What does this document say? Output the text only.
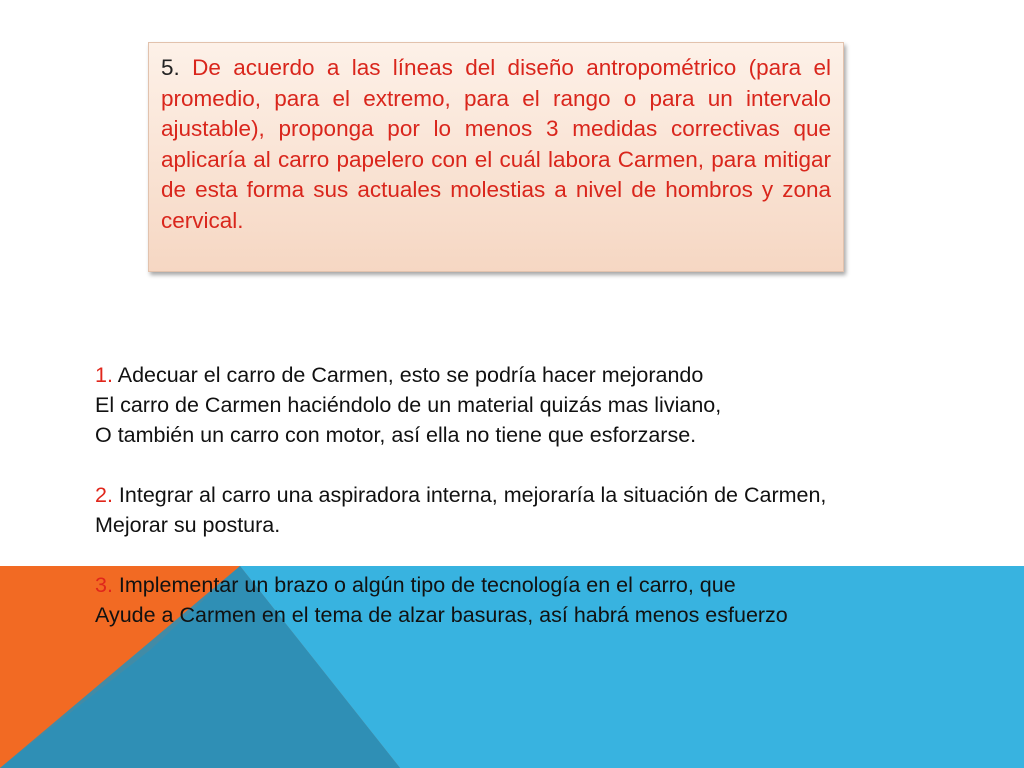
5. De acuerdo a las líneas del diseño antropométrico (para el promedio, para el extremo, para el rango o para un intervalo ajustable), proponga por lo menos 3 medidas correctivas que aplicaría al carro papelero con el cuál labora Carmen, para mitigar de esta forma sus actuales molestias a nivel de hombros y zona cervical.

1. Adecuar el carro de Carmen, esto se podría hacer mejorando

El carro de Carmen haciéndolo de un material quizás mas liviano,

O también un carro con motor, así ella no tiene que esforzarse.

2. Integrar al carro una aspiradora interna, mejoraría la situación de Carmen,

Mejorar su postura.

3. Implementar un brazo o algún tipo de tecnología en el carro, que

Ayude a Carmen en el tema de alzar basuras, así habrá menos esfuerzo
